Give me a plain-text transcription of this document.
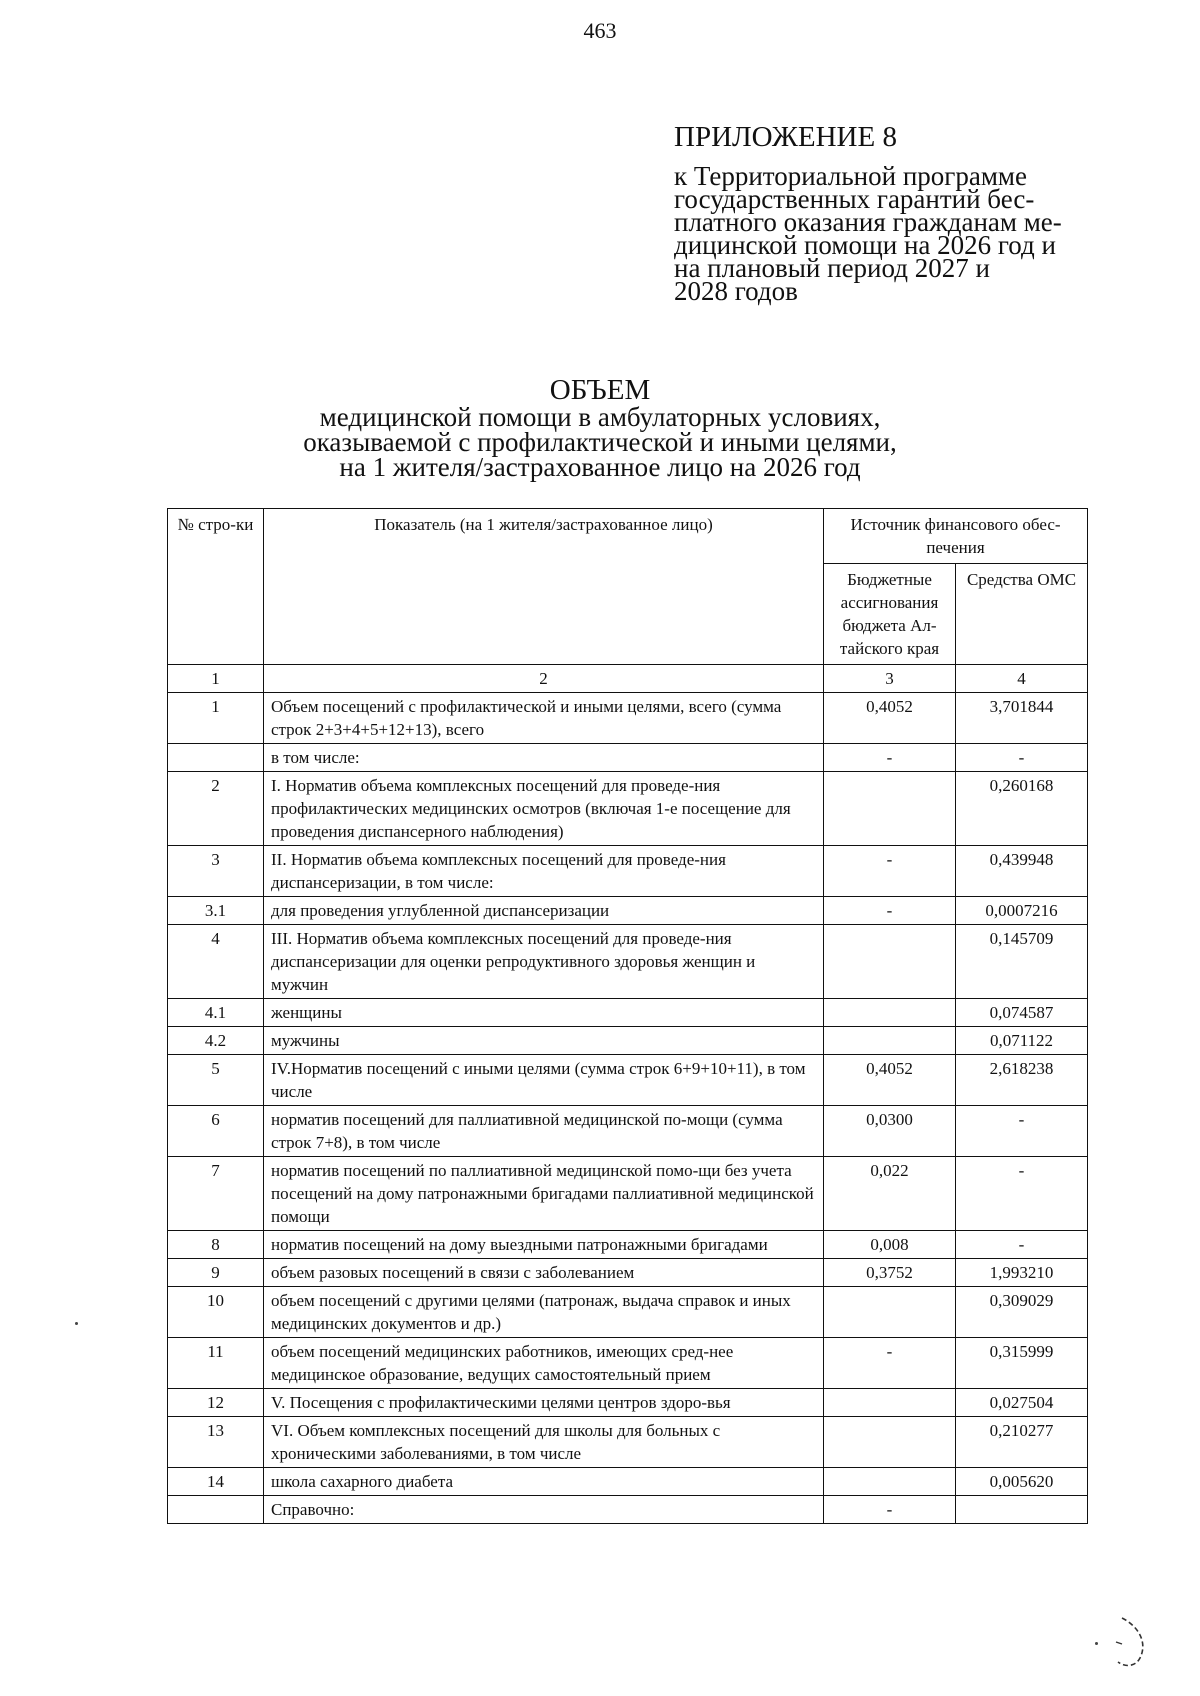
463
ПРИЛОЖЕНИЕ 8
к Территориальной программе
государственных гарантий бес-
платного оказания гражданам ме-
дицинской помощи на 2026 год и
на плановый период 2027 и
2028 годов
ОБЪЕМ
медицинской помощи в амбулаторных условиях,
оказываемой с профилактической и иными целями,
на 1 жителя/застрахованное лицо на 2026 год
№ стро-ки	Показатель (на 1 жителя/застрахованное лицо)	Источник финансового обес-печения	
		Бюджетные ассигнования бюджета Ал-тайского края	Средства ОМС
1	2	3	4
1	Объем посещений с профилактической и иными целями, всего (сумма строк 2+3+4+5+12+13), всего	0,4052	3,701844
	в том числе:	-	-
2	I. Норматив объема комплексных посещений для проведе-ния профилактических медицинских осмотров (включая 1-е посещение для проведения диспансерного наблюдения)		0,260168
3	II. Норматив объема комплексных посещений для проведе-ния диспансеризации, в том числе:	-	0,439948
3.1	для проведения углубленной диспансеризации	-	0,0007216
4	III. Норматив объема комплексных посещений для проведе-ния диспансеризации для оценки репродуктивного здоровья женщин и мужчин		0,145709
4.1	женщины		0,074587
4.2	мужчины		0,071122
5	IV.Норматив посещений с иными целями (сумма строк 6+9+10+11), в том числе	0,4052	2,618238
6	норматив посещений для паллиативной медицинской по-мощи (сумма строк 7+8), в том числе	0,0300	-
7	норматив посещений по паллиативной медицинской помо-щи без учета посещений на дому патронажными бригадами паллиативной медицинской помощи	0,022	-
8	норматив посещений на дому выездными патронажными бригадами	0,008	-
9	объем разовых посещений в связи с заболеванием	0,3752	1,993210
10	объем посещений с другими целями (патронаж, выдача справок и иных медицинских документов и др.)		0,309029
11	объем посещений медицинских работников, имеющих сред-нее медицинское образование, ведущих самостоятельный прием	-	0,315999
12	V. Посещения с профилактическими целями центров здоро-вья		0,027504
13	VI. Объем комплексных посещений для школы для больных с хроническими заболеваниями, в том числе		0,210277
14	школа сахарного диабета		0,005620
	Справочно:	-	
